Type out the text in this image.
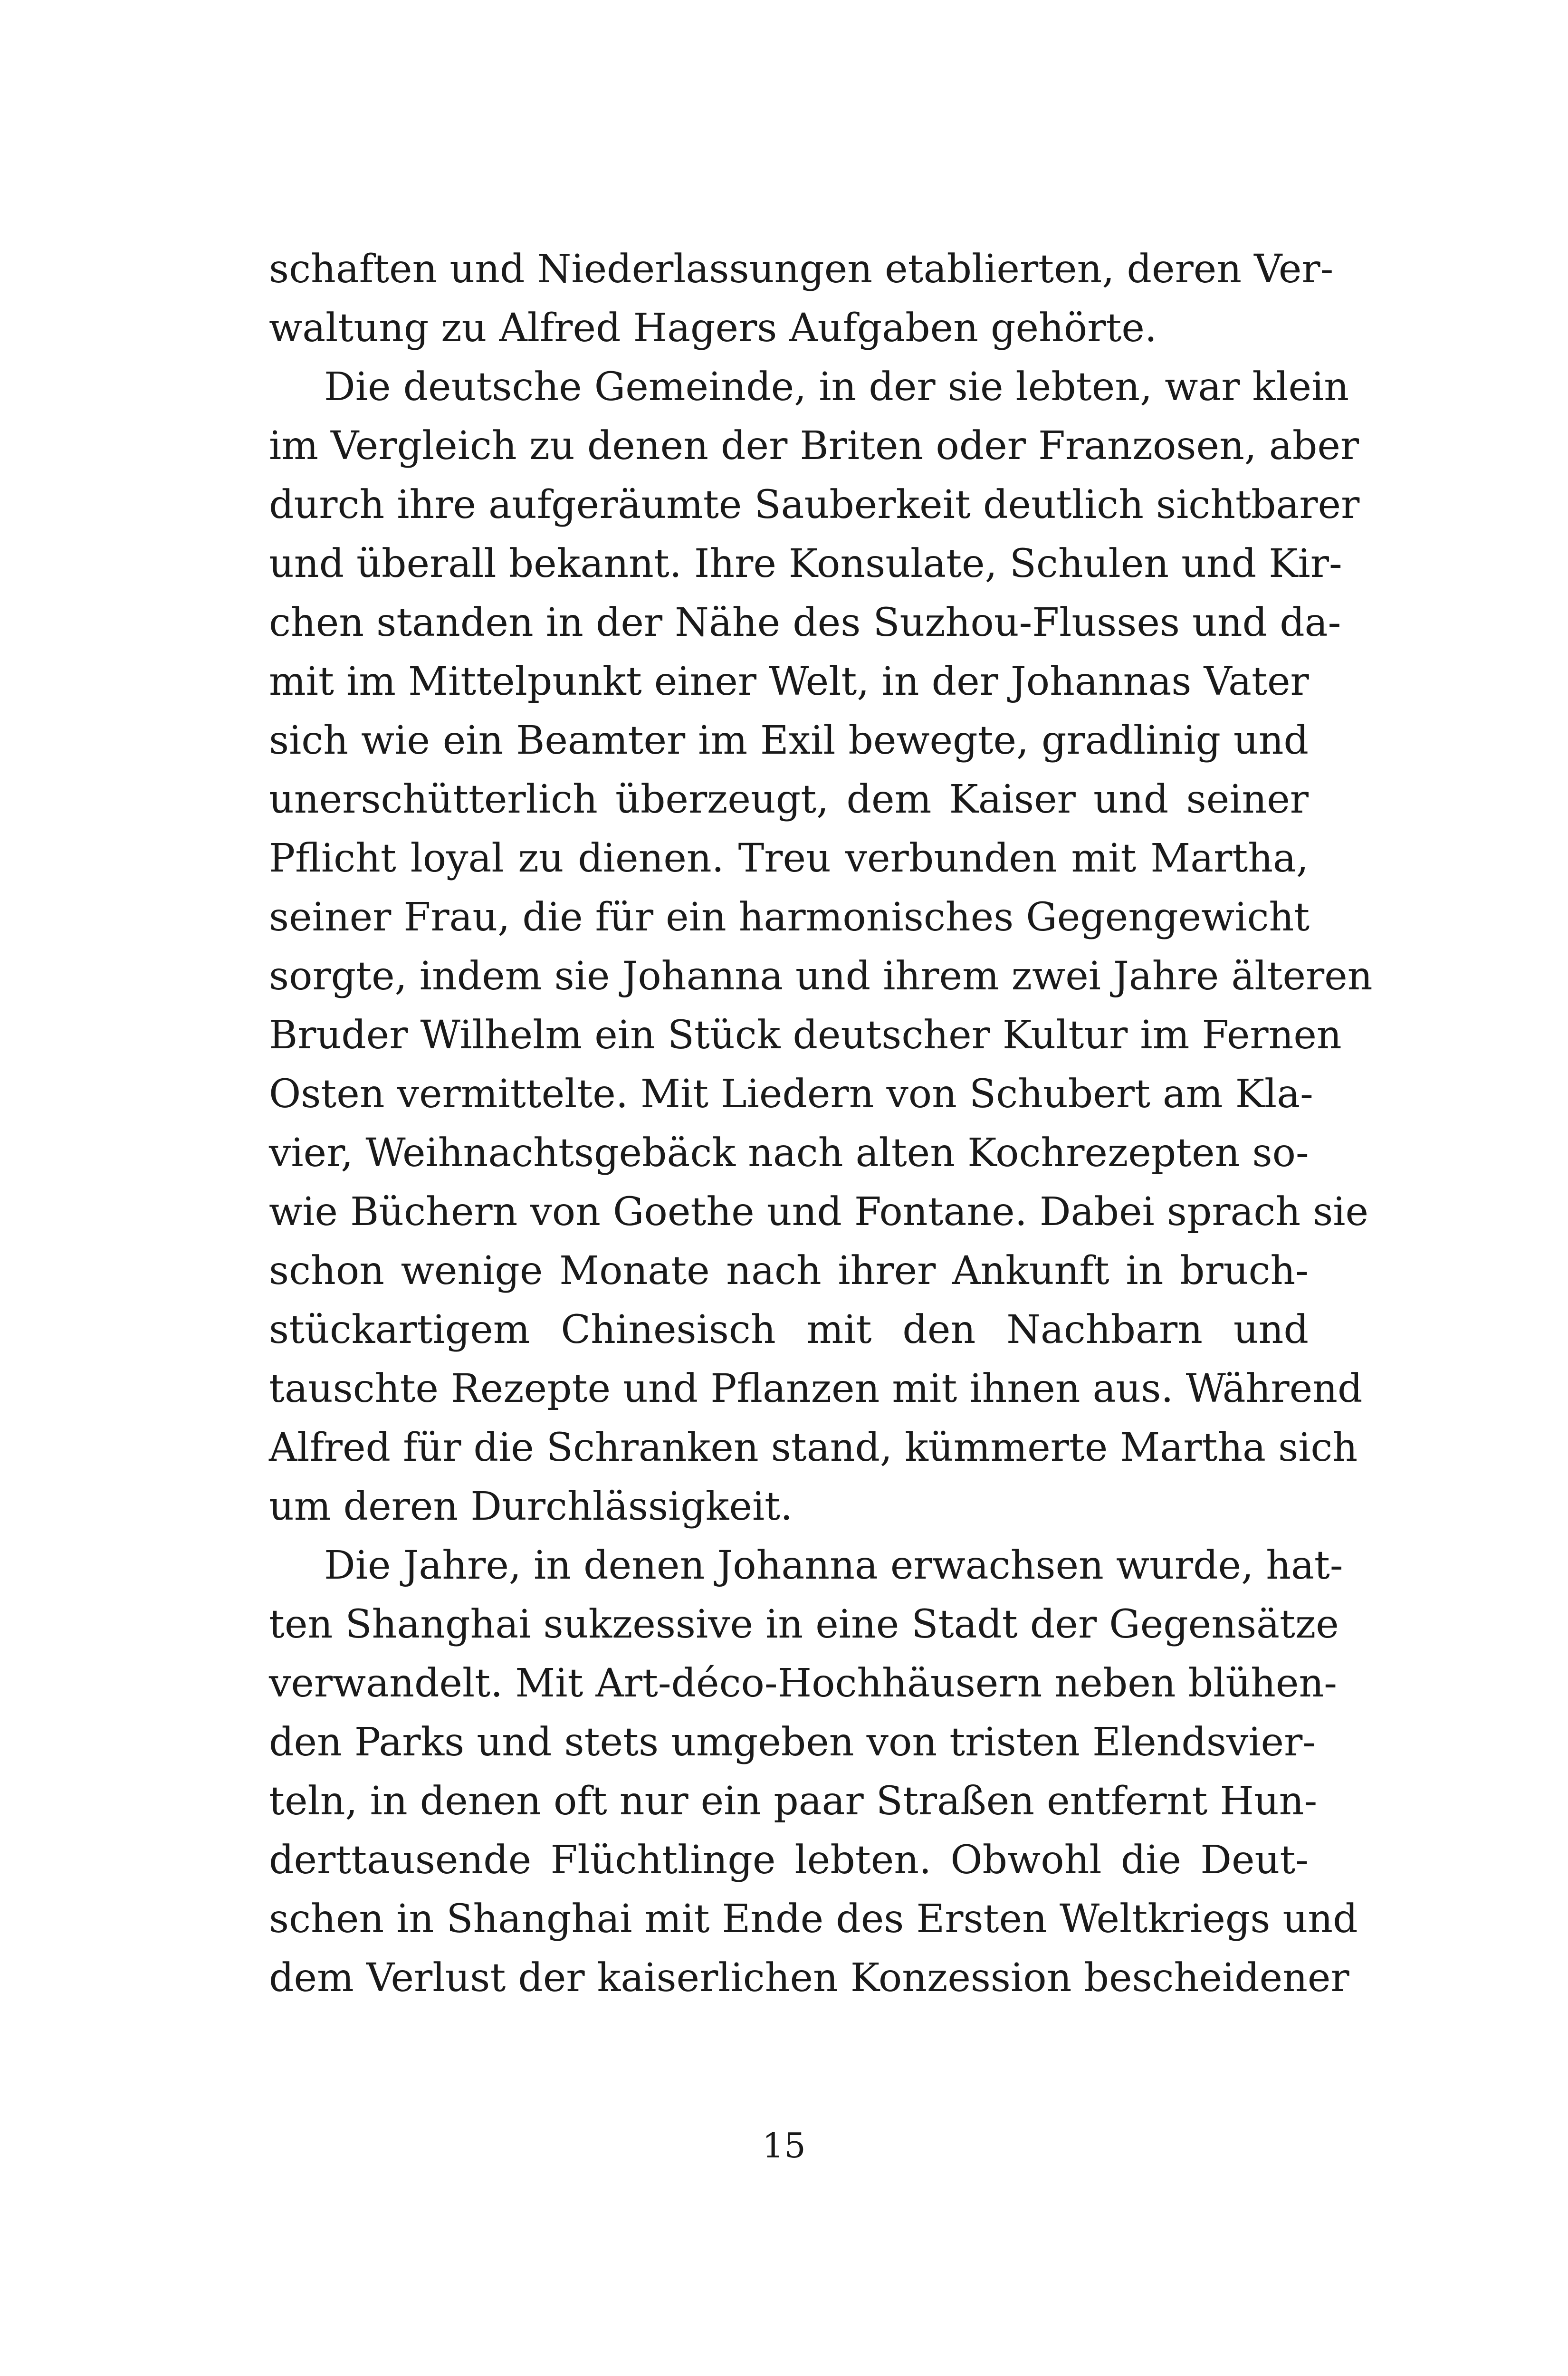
schaften und Niederlassungen etablierten, deren Ver-
waltung zu Alfred Hagers Aufgaben gehörte.
Die deutsche Gemeinde, in der sie lebten, war klein
im Vergleich zu denen der Briten oder Franzosen, aber
durch ihre aufgeräumte Sauberkeit deutlich sichtbarer
und überall bekannt. Ihre Konsulate, Schulen und Kir-
chen standen in der Nähe des Suzhou-Flusses und da-
mit im Mittelpunkt einer Welt, in der Johannas Vater
sich wie ein Beamter im Exil bewegte, gradlinig und
unerschütterlich überzeugt, dem Kaiser und seiner
Pflicht loyal zu dienen. Treu verbunden mit Martha,
seiner Frau, die für ein harmonisches Gegengewicht
sorgte, indem sie Johanna und ihrem zwei Jahre älteren
Bruder Wilhelm ein Stück deutscher Kultur im Fernen
Osten vermittelte. Mit Liedern von Schubert am Kla-
vier, Weihnachtsgebäck nach alten Kochrezepten so-
wie Büchern von Goethe und Fontane. Dabei sprach sie
schon wenige Monate nach ihrer Ankunft in bruch-
stückartigem Chinesisch mit den Nachbarn und
tauschte Rezepte und Pflanzen mit ihnen aus. Während
Alfred für die Schranken stand, kümmerte Martha sich
um deren Durchlässigkeit.
Die Jahre, in denen Johanna erwachsen wurde, hat-
ten Shanghai sukzessive in eine Stadt der Gegensätze
verwandelt. Mit Art-déco-Hochhäusern neben blühen-
den Parks und stets umgeben von tristen Elendsvier-
teln, in denen oft nur ein paar Straßen entfernt Hun-
derttausende Flüchtlinge lebten. Obwohl die Deut-
schen in Shanghai mit Ende des Ersten Weltkriegs und
dem Verlust der kaiserlichen Konzession bescheidener
15
